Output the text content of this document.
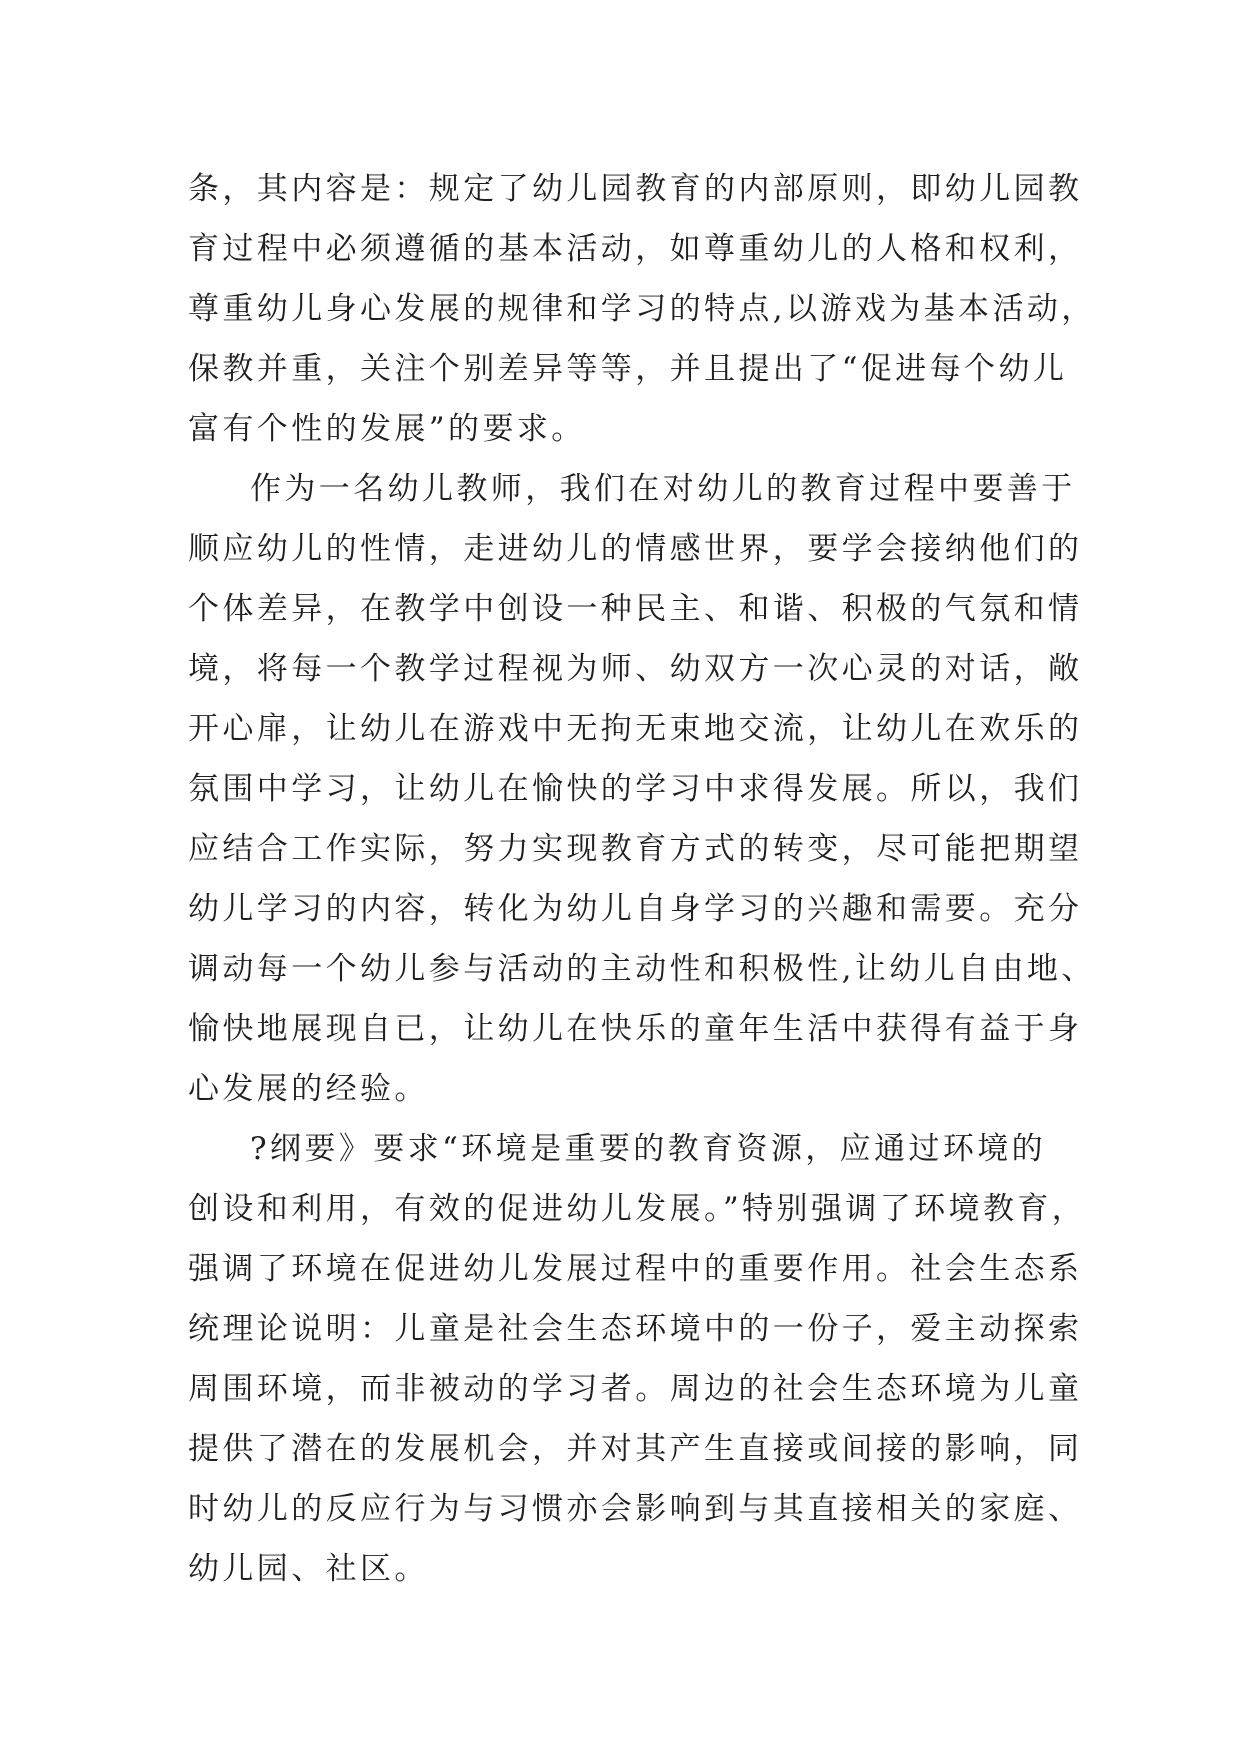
条，其内容是：规定了幼儿园教育的内部原则，即幼儿园教
育过程中必须遵循的基本活动，如尊重幼儿的人格和权利，
尊重幼儿身心发展的规律和学习的特点,以游戏为基本活动，
保教并重，关注个别差异等等，并且提出了“促进每个幼儿
富有个性的发展”的要求。
作为一名幼儿教师，我们在对幼儿的教育过程中要善于
顺应幼儿的性情，走进幼儿的情感世界，要学会接纳他们的
个体差异，在教学中创设一种民主、和谐、积极的气氛和情
境，将每一个教学过程视为师、幼双方一次心灵的对话，敞
开心扉，让幼儿在游戏中无拘无束地交流，让幼儿在欢乐的
氛围中学习，让幼儿在愉快的学习中求得发展。所以，我们
应结合工作实际，努力实现教育方式的转变，尽可能把期望
幼儿学习的内容，转化为幼儿自身学习的兴趣和需要。充分
调动每一个幼儿参与活动的主动性和积极性,让幼儿自由地、
愉快地展现自已，让幼儿在快乐的童年生活中获得有益于身
心发展的经验。
?纲要》要求“环境是重要的教育资源，应通过环境的
创设和利用，有效的促进幼儿发展。”特别强调了环境教育，
强调了环境在促进幼儿发展过程中的重要作用。社会生态系
统理论说明：儿童是社会生态环境中的一份子，爱主动探索
周围环境，而非被动的学习者。周边的社会生态环境为儿童
提供了潜在的发展机会，并对其产生直接或间接的影响，同
时幼儿的反应行为与习惯亦会影响到与其直接相关的家庭、
幼儿园、社区。
